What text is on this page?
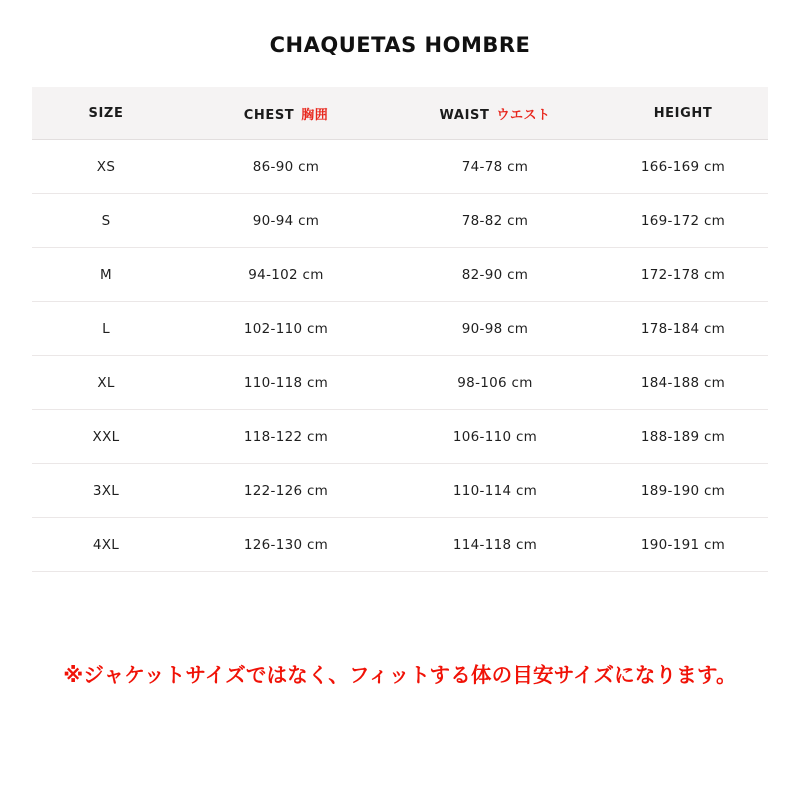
CHAQUETAS HOMBRE
SIZE	CHEST 胸囲	WAIST ウエスト	HEIGHT
XS	86-90 cm	74-78 cm	166-169 cm
S	90-94 cm	78-82 cm	169-172 cm
M	94-102 cm	82-90 cm	172-178 cm
L	102-110 cm	90-98 cm	178-184 cm
XL	110-118 cm	98-106 cm	184-188 cm
XXL	118-122 cm	106-110 cm	188-189 cm
3XL	122-126 cm	110-114 cm	189-190 cm
4XL	126-130 cm	114-118 cm	190-191 cm
※ジャケットサイズではなく、フィットする体の目安サイズになります。
